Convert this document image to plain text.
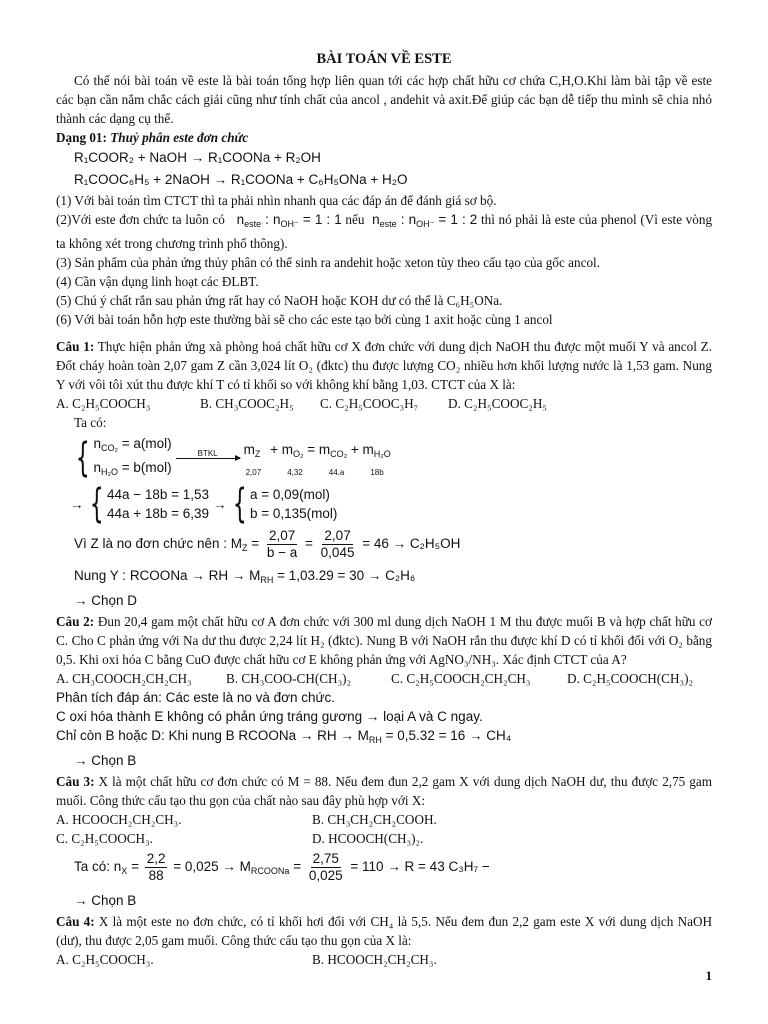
BÀI TOÁN VỀ ESTE

Có thể nói bài toán về este là bài toán tổng hợp liên quan tới các hợp chất hữu cơ chứa C,H,O.Khi làm bài tập về este các bạn cần nắm chắc cách giải cũng như tính chất của ancol , andehit và axit.Để giúp các bạn dễ tiếp thu mình sẽ chia nhỏ thành các dạng cụ thể.

Dạng 01: Thuỷ phân este đơn chức

R₁COOR₂ + NaOH → R₁COONa + R₂OH

R₁COOC₆H₅ + 2NaOH → R₁COONa + C₆H₅ONa + H₂O

(1) Với bài toán tìm CTCT thì ta phải nhìn nhanh qua các đáp án để đánh giá sơ bộ.

(2)Với este đơn chức ta luôn có   $n_{este}$ : $n_{OH^-} = 1$ : 1 nếu  $n_{este}$ : $n_{OH^-} = 1$ : 2 thì nó phải là este của phenol (Vì este vòng ta không xét trong chương trình phổ thông).

(3) Sản phẩm của phản ứng thủy phân có thể sinh ra andehit hoặc xeton tùy theo cấu tạo của gốc ancol.

(4) Cần vận dụng linh hoạt các ĐLBT.

(5) Chú ý chất rắn sau phản ứng rất hay có NaOH hoặc KOH dư có thể là C₆H₅ONa.

(6) Với bài toán hỗn hợp este thường bài sẽ cho các este tạo bởi cùng 1 axit hoặc cùng 1 ancol

Câu 1: Thực hiện phản ứng xà phòng hoá chất hữu cơ X đơn chức với dung dịch NaOH thu được một muối Y và ancol Z. Đốt cháy hoàn toàn 2,07 gam Z cần 3,024 lít O₂ (đktc) thu được lượng CO₂ nhiều hơn khối lượng nước là 1,53 gam. Nung Y với vôi tôi xút thu được khí T có tỉ khối so với không khí bằng 1,03. CTCT của X là:

A. C₂H₅COOCH₃	B. CH₃COOC₂H₅	C. C₂H₅COOC₃H₇	D. C₂H₅COOC₂H₅

Ta có:

{ $n_{CO_2} = a(mol)$
$n_{H_2O} = b(mol)$
BTKL
m

$_Z + m_{O_2} = m_{CO_2} + m_{H_2O}$
2,07	4,32	44.a	18b
→ { 44a − 18b = 1,53
44a + 18b = 6,39
→ { a = 0,09(mol)
b = 0,135(mol)

Vì Z là no đơn chức nên : $M_Z = \frac{2,07}{b - a} = \frac{2,07}{0,045} = 46 \to C_2H_5OH$

Nung Y : RCOONa → RH → $M_{RH} = 1,03.29 = 30 \to C_2H_6$

→ Chọn D

Câu 2: Đun 20,4 gam một chất hữu cơ A đơn chức với 300 ml dung dịch NaOH 1 M thu được muối B và hợp chất hữu cơ C. Cho C phản ứng với Na dư thu được 2,24 lít H₂ (đktc). Nung B với NaOH rắn thu được khí D có tỉ khối đối với O₂ bằng 0,5. Khi oxi hóa C bằng CuO được chất hữu cơ E không phản ứng với AgNO₃/NH₃. Xác định CTCT của A?

A. CH₃COOCH₂CH₂CH₃	B. CH₃COO-CH(CH₃)₂	C. C₂H₅COOCH₂CH₂CH₃	D. C₂H₅COOCH(CH₃)₂

Phân tích đáp án: Các este là no và đơn chức.

C oxi hóa thành E không có phản ứng tráng gương → loại A và C ngay.

Chỉ còn B hoặc D: Khi nung B RCOONa → RH → $M_{RH} = 0,5.32 = 16 \to CH_4$

→ Chọn B

Câu 3: X là một chất hữu cơ đơn chức có M = 88. Nếu đem đun 2,2 gam X với dung dịch NaOH dư, thu được 2,75 gam muối. Công thức cấu tạo thu gọn của chất nào sau đây phù hợp với X:

A. HCOOCH₂CH₂CH₃.	B. CH₃CH₂CH₂COOH.
C. C₂H₅COOCH₃.	D. HCOOCH(CH₃)₂.

Ta có: $n_X = \frac{2,2}{88} = 0,025 \to M_{RCOONa} = \frac{2,75}{0,025} = 110 \to R = 43$ C₃H₇ −

→ Chọn B

Câu 4: X là một este no đơn chức, có tỉ khối hơi đối với CH₄ là 5,5. Nếu đem đun 2,2 gam este X với dung dịch NaOH (dư), thu được 2,05 gam muối. Công thức cấu tạo thu gọn của X là:

A. C₂H₅COOCH₃.	B. HCOOCH₂CH₂CH₃.
1
